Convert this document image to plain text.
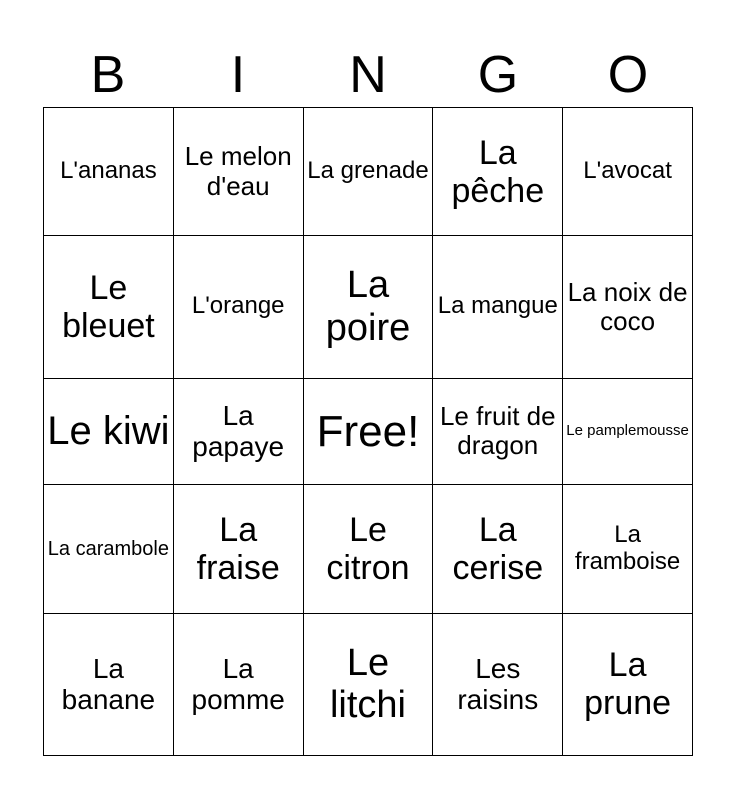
B	I	N	G	O
L'ananas	Le melon d'eau	La grenade	La pêche	L'avocat
Le bleuet	L'orange	La poire	La mangue	La noix de coco
Le kiwi	La papaye	Free!	Le fruit de dragon	Le pamplemousse
La carambole	La fraise	Le citron	La cerise	La framboise
La banane	La pomme	Le litchi	Les raisins	La prune
